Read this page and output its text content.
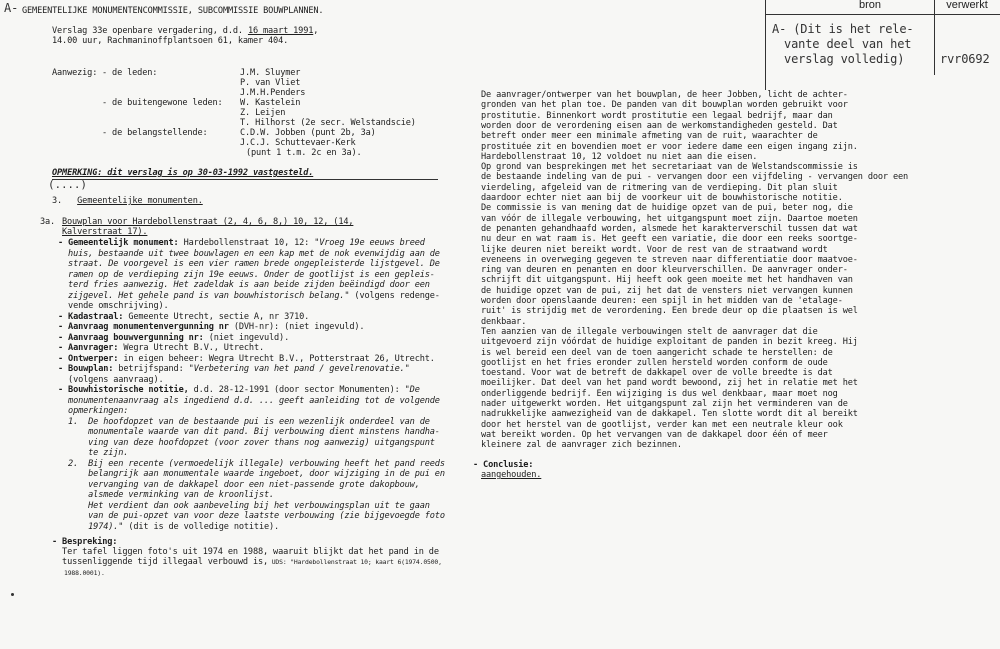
bron	verwerkt
A- (Dit is het rele-
vante deel van het
verslag volledig)	rvr0692
A- GEMEENTELIJKE MONUMENTENCOMMISSIE, SUBCOMMISSIE BOUWPLANNEN.
Verslag 33e openbare vergadering, d.d. 16 maart 1991,
14.00 uur, Rachmaninoffplantsoen 61, kamer 404.
Aanwezig: - de leden:	J.M. Sluymer
P. van Vliet
J.M.H.Penders
- de buitengewone leden: W. Kastelein
Z. Leijen
T. Hilhorst (2e secr. Welstandscie)
- de belangstellende:	C.D.W. Jobben (punt 2b, 3a)
J.C.J. Schuttevaer-Kerk
(punt 1 t.m. 2c en 3a).
OPMERKING: dit verslag is op 30-03-1992 vastgesteld.
(....)
3. Gemeentelijke monumenten.
3a. Bouwplan voor Hardebollenstraat (2, 4, 6, 8,) 10, 12, (14,
Kalverstraat 17).
- Gemeentelijk monument: Hardebollenstraat 10, 12: "Vroeg 19e eeuws breed
huis, bestaande uit twee bouwlagen en een kap met de nok evenwijdig aan de
straat. De voorgevel is een vier ramen brede ongepleisterde lijstgevel. De
ramen op de verdieping zijn 19e eeuws. Onder de gootlijst is een gepleis-
terd fries aanwezig. Het zadeldak is aan beide zijden beëindigd door een
zijgevel. Het gehele pand is van bouwhistorisch belang." (volgens redenge-
vende omschrijving).
- Kadastraal: Gemeente Utrecht, sectie A, nr 3710.
- Aanvraag monumentenvergunning nr (DVH-nr): (niet ingevuld).
- Aanvraag bouwvergunning nr: (niet ingevuld).
- Aanvrager: Wegra Utrecht B.V., Utrecht.
- Ontwerper: in eigen beheer: Wegra Utrecht B.V., Potterstraat 26, Utrecht.
- Bouwplan: betrijfspand: "Verbetering van het pand / gevelrenovatie."
(volgens aanvraag).
- Bouwhistorische notitie, d.d. 28-12-1991 (door sector Monumenten): "De
monumentenaanvraag als ingediend d.d. ... geeft aanleiding tot de volgende
opmerkingen:
1.  De hoofdopzet van de bestaande pui is een wezenlijk onderdeel van de
monumentale waarde van dit pand. Bij verbouwing dient minstens handha-
ving van deze hoofdopzet (voor zover thans nog aanwezig) uitgangspunt
te zijn.
2.  Bij een recente (vermoedelijk illegale) verbouwing heeft het pand reeds
belangrijk aan monumentale waarde ingeboet, door wijziging in de pui en
vervanging van de dakkapel door een niet-passende grote dakopbouw,
alsmede verminking van de kroonlijst.
Het verdient dan ook aanbeveling bij het verbouwingsplan uit te gaan
van de pui-opzet van voor deze laatste verbouwing (zie bijgevoegde foto
1974)." (dit is de volledige notitie).
- Bespreking:
Ter tafel liggen foto's uit 1974 en 1988, waaruit blijkt dat het pand in de
tussenliggende tijd illegaal verbouwd is, UDS: "Hardebollenstraat 10; kaart 6(1974.0500,
1988.0001).
De aanvrager/ontwerper van het bouwplan, de heer Jobben, licht de achter-
gronden van het plan toe. De panden van dit bouwplan worden gebruikt voor
prostitutie. Binnenkort wordt prostitutie een legaal bedrijf, maar dan
worden door de verordening eisen aan de werkomstandigheden gesteld. Dat
betreft onder meer een minimale afmeting van de ruit, waarachter de
prostituée zit en bovendien moet er voor iedere dame een eigen ingang zijn.
Hardebollenstraat 10, 12 voldoet nu niet aan die eisen.
Op grond van besprekingen met het secretariaat van de Welstandscommissie is
de bestaande indeling van de pui - vervangen door een vijfdeling - vervangen door een
vierdeling, afgeleid van de ritmering van de verdieping. Dit plan sluit
daardoor echter niet aan bij de voorkeur uit de bouwhistorische notitie.
De commissie is van mening dat de huidige opzet van de pui, beter nog, die
van vóór de illegale verbouwing, het uitgangspunt moet zijn. Daartoe moeten
de penanten gehandhaafd worden, alsmede het karakterverschil tussen dat wat
nu deur en wat raam is. Het geeft een variatie, die door een reeks soortge-
lijke deuren niet bereikt wordt. Voor de rest van de straatwand wordt
eveneens in overweging gegeven te streven naar differentiatie door maatvoe-
ring van deuren en penanten en door kleurverschillen. De aanvrager onder-
schrijft dit uitgangspunt. Hij heeft ook geen moeite met het handhaven van
de huidige opzet van de pui, zij het dat de vensters niet vervangen kunnen
worden door openslaande deuren: een spijl in het midden van de 'etalage-
ruit' is strijdig met de verordening. Een brede deur op die plaatsen is wel
denkbaar.
Ten aanzien van de illegale verbouwingen stelt de aanvrager dat die
uitgevoerd zijn vóórdat de huidige exploitant de panden in bezit kreeg. Hij
is wel bereid een deel van de toen aangericht schade te herstellen: de
gootlijst en het fries eronder zullen hersteld worden conform de oude
toestand. Voor wat de betreft de dakkapel over de volle breedte is dat
moeilijker. Dat deel van het pand wordt bewoond, zij het in relatie met het
onderliggende bedrijf. Een wijziging is dus wel denkbaar, maar moet nog
nader uitgewerkt worden. Het uitgangspunt zal zijn het verminderen van de
nadrukkelijke aanwezigheid van de dakkapel. Ten slotte wordt dit al bereikt
door het herstel van de gootlijst, verder kan met een neutrale kleur ook
wat bereikt worden. Op het vervangen van de dakkapel door één of meer
kleinere zal de aanvrager zich bezinnen.
- Conclusie:
aangehouden.
